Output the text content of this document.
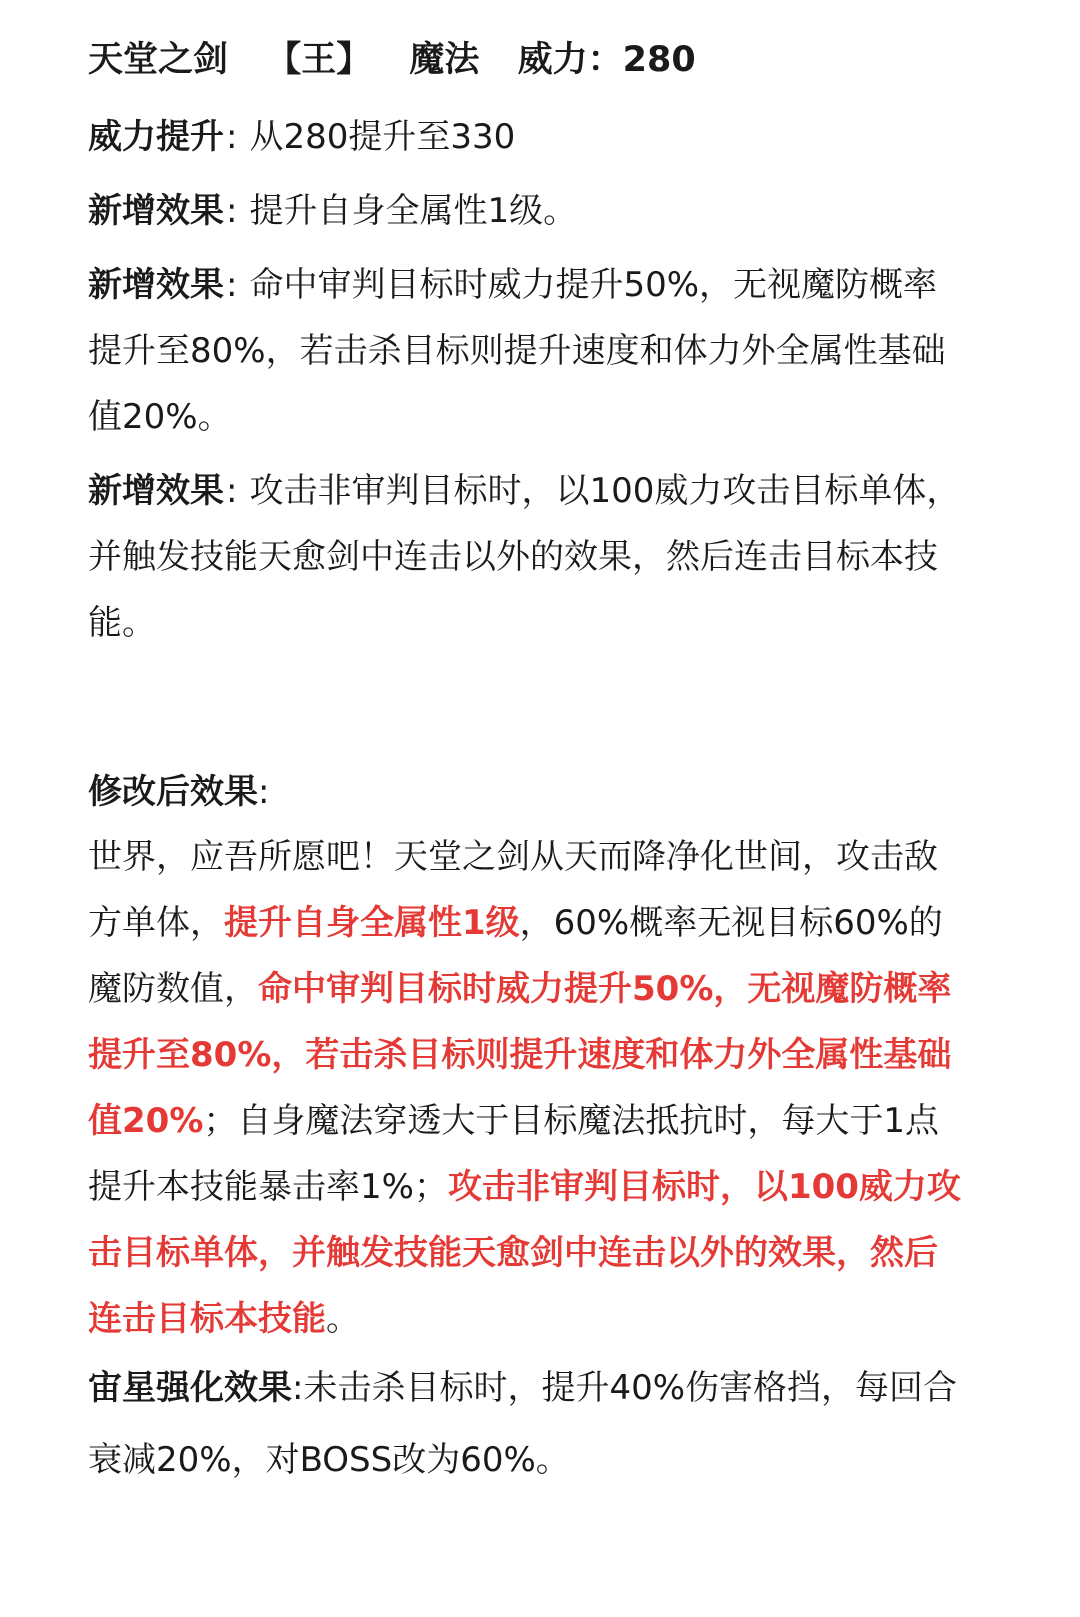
天堂之剑 【王】 魔法 威力：280
威力提升: 从280提升至330
新增效果: 提升自身全属性1级。
新增效果: 命中审判目标时威力提升50%，无视魔防概率提升至80%，若击杀目标则提升速度和体力外全属性基础值20%。
新增效果: 攻击非审判目标时，以100威力攻击目标单体，并触发技能天愈剑中连击以外的效果，然后连击目标本技能。
修改后效果:
世界，应吾所愿吧！天堂之剑从天而降净化世间，攻击敌方单体，提升自身全属性1级，60%概率无视目标60%的魔防数值，命中审判目标时威力提升50%，无视魔防概率提升至80%，若击杀目标则提升速度和体力外全属性基础值20%；自身魔法穿透大于目标魔法抵抗时，每大于1点提升本技能暴击率1%；攻击非审判目标时，以100威力攻击目标单体，并触发技能天愈剑中连击以外的效果，然后连击目标本技能。
宙星强化效果:未击杀目标时，提升40%伤害格挡，每回合衰减20%，对BOSS改为60%。
